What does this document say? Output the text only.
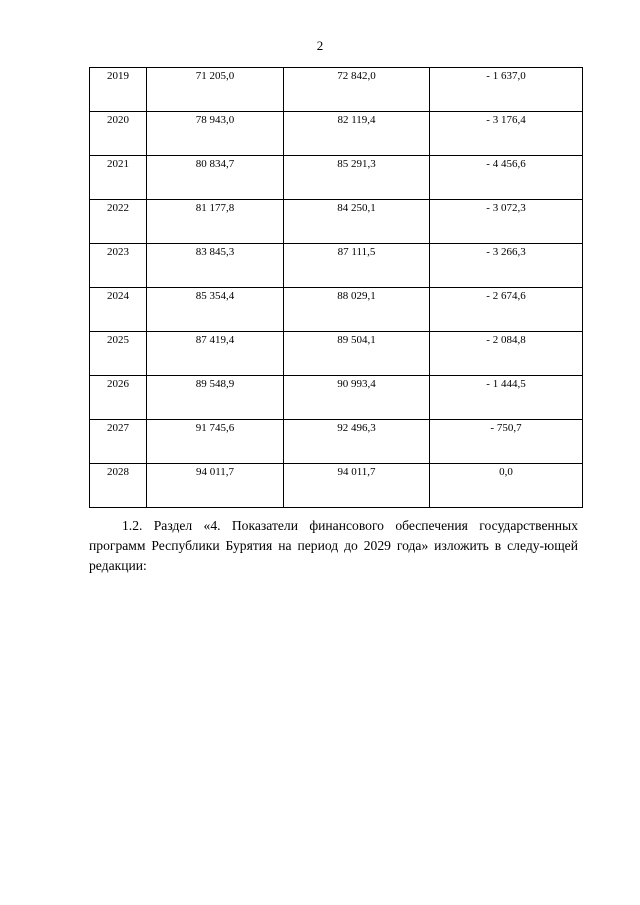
2
2019	71 205,0	72 842,0	- 1 637,0
2020	78 943,0	82 119,4	- 3 176,4
2021	80 834,7	85 291,3	- 4 456,6
2022	81 177,8	84 250,1	- 3 072,3
2023	83 845,3	87 111,5	- 3 266,3
2024	85 354,4	88 029,1	- 2 674,6
2025	87 419,4	89 504,1	- 2 084,8
2026	89 548,9	90 993,4	- 1 444,5
2027	91 745,6	92 496,3	- 750,7
2028	94 011,7	94 011,7	0,0

1.2. Раздел «4. Показатели финансового обеспечения государственных программ Республики Бурятия на период до 2029 года» изложить в следу-ющей редакции:
